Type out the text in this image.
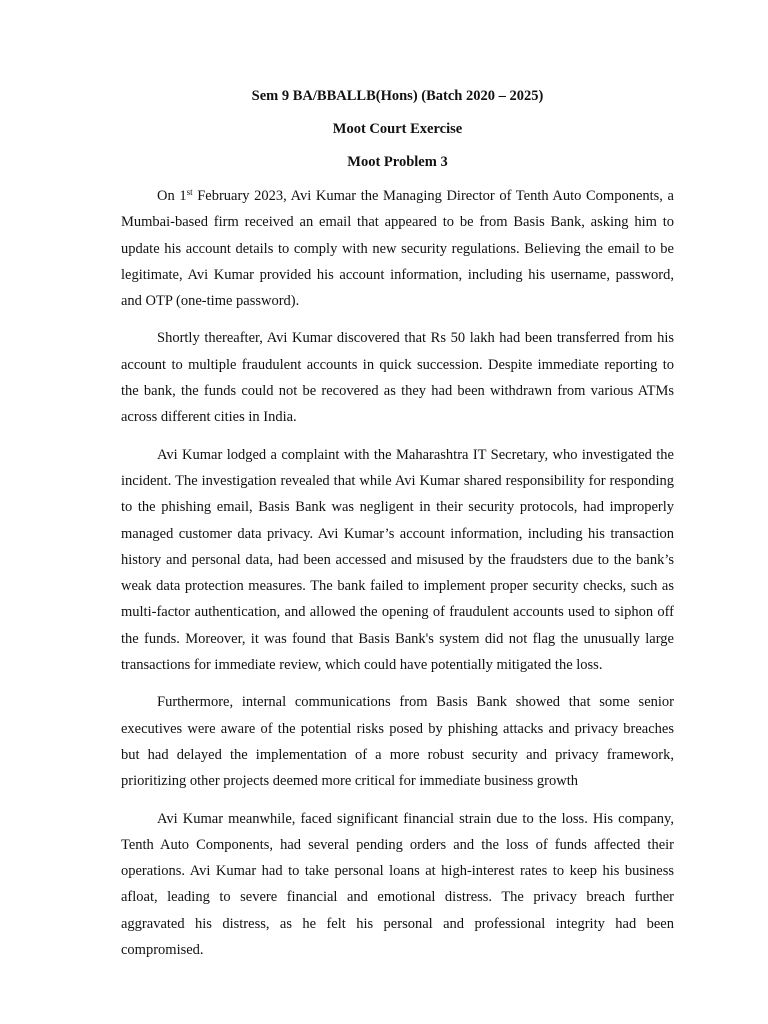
Sem 9 BA/BBALLB(Hons) (Batch 2020 – 2025)

Moot Court Exercise

Moot Problem 3

On 1st February 2023, Avi Kumar the Managing Director of Tenth Auto Components, a Mumbai-based firm received an email that appeared to be from Basis Bank, asking him to update his account details to comply with new security regulations. Believing the email to be legitimate, Avi Kumar provided his account information, including his username, password, and OTP (one-time password).

Shortly thereafter, Avi Kumar discovered that Rs 50 lakh had been transferred from his account to multiple fraudulent accounts in quick succession. Despite immediate reporting to the bank, the funds could not be recovered as they had been withdrawn from various ATMs across different cities in India.

Avi Kumar lodged a complaint with the Maharashtra IT Secretary, who investigated the incident. The investigation revealed that while Avi Kumar shared responsibility for responding to the phishing email, Basis Bank was negligent in their security protocols, had improperly managed customer data privacy. Avi Kumar’s account information, including his transaction history and personal data, had been accessed and misused by the fraudsters due to the bank’s weak data protection measures. The bank failed to implement proper security checks, such as multi-factor authentication, and allowed the opening of fraudulent accounts used to siphon off the funds. Moreover, it was found that Basis Bank's system did not flag the unusually large transactions for immediate review, which could have potentially mitigated the loss.

Furthermore, internal communications from Basis Bank showed that some senior executives were aware of the potential risks posed by phishing attacks and privacy breaches but had delayed the implementation of a more robust security and privacy framework, prioritizing other projects deemed more critical for immediate business growth

Avi Kumar meanwhile, faced significant financial strain due to the loss. His company, Tenth Auto Components, had several pending orders and the loss of funds affected their operations. Avi Kumar had to take personal loans at high-interest rates to keep his business afloat, leading to severe financial and emotional distress. The privacy breach further aggravated his distress, as he felt his personal and professional integrity had been compromised.
